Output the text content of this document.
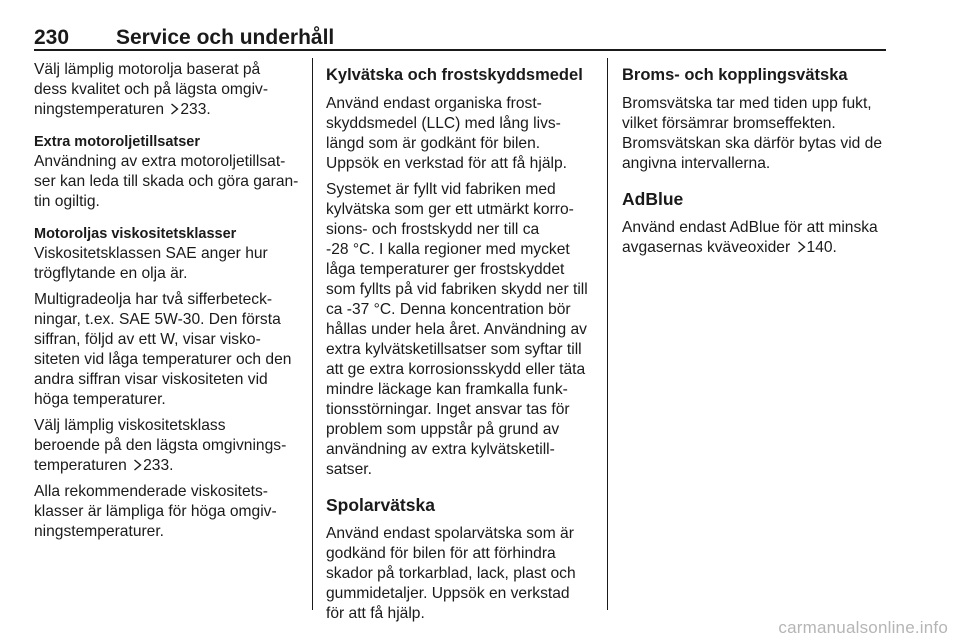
230 Service och underhåll

Välj lämplig motorolja baserat på
dess kvalitet och på lägsta omgiv-
ningstemperaturen 233.

Extra motoroljetillsatser

Användning av extra motoroljetillsat-
ser kan leda till skada och göra garan-
tin ogiltig.

Motoroljas viskositetsklasser

Viskositetsklassen SAE anger hur
trögflytande en olja är.

Multigradeolja har två sifferbeteck-
ningar, t.ex. SAE 5W-30. Den första
siffran, följd av ett W, visar visko-
siteten vid låga temperaturer och den
andra siffran visar viskositeten vid
höga temperaturer.

Välj lämplig viskositetsklass
beroende på den lägsta omgivnings-
temperaturen 233.

Alla rekommenderade viskositets-
klasser är lämpliga för höga omgiv-
ningstemperaturer.

Kylvätska och frostskyddsmedel

Använd endast organiska frost-
skyddsmedel (LLC) med lång livs-
längd som är godkänt för bilen.
Uppsök en verkstad för att få hjälp.

Systemet är fyllt vid fabriken med
kylvätska som ger ett utmärkt korro-
sions- och frostskydd ner till ca
-28 °C. I kalla regioner med mycket
låga temperaturer ger frostskyddet
som fyllts på vid fabriken skydd ner till
ca -37 °C. Denna koncentration bör
hållas under hela året. Användning av
extra kylvätsketillsatser som syftar till
att ge extra korrosionsskydd eller täta
mindre läckage kan framkalla funk-
tionsstörningar. Inget ansvar tas för
problem som uppstår på grund av
användning av extra kylvätsketill-
satser.

Spolarvätska

Använd endast spolarvätska som är
godkänd för bilen för att förhindra
skador på torkarblad, lack, plast och
gummidetaljer. Uppsök en verkstad
för att få hjälp.

Broms- och kopplingsvätska

Bromsvätska tar med tiden upp fukt,
vilket försämrar bromseffekten.
Bromsvätskan ska därför bytas vid de
angivna intervallerna.

AdBlue

Använd endast AdBlue för att minska
avgasernas kväveoxider 140.

carmanualsonline.info
